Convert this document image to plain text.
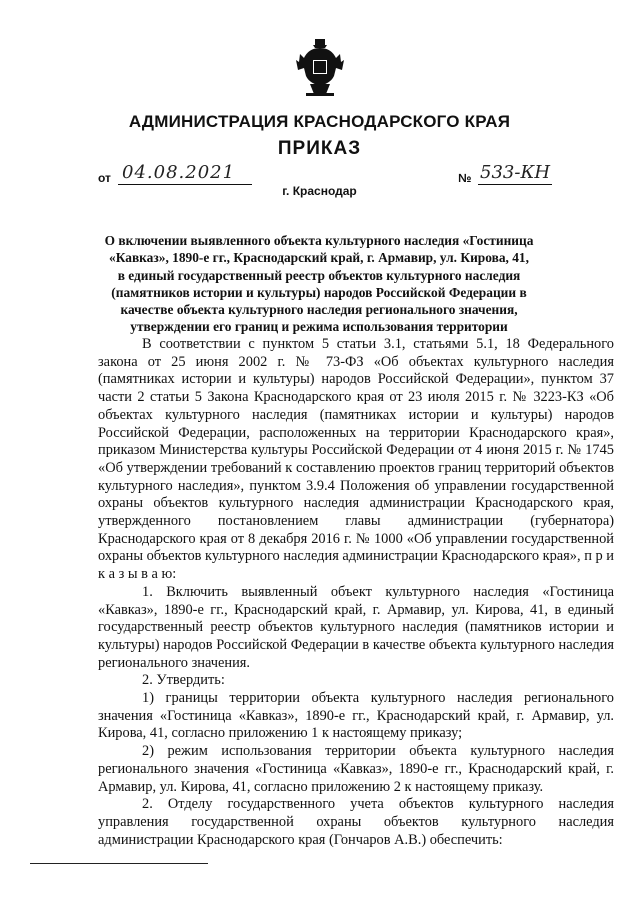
АДМИНИСТРАЦИЯ КРАСНОДАРСКОГО КРАЯ
ПРИКАЗ
от 04.08.2021
г. Краснодар
№ 533-КН
О включении выявленного объекта культурного наследия «Гостиница «Кавказ», 1890-е гг., Краснодарский край, г. Армавир, ул. Кирова, 41, в единый государственный реестр объектов культурного наследия (памятников истории и культуры) народов Российской Федерации в качестве объекта культурного наследия регионального значения, утверждении его границ и режима использования территории

В соответствии с пунктом 5 статьи 3.1, статьями 5.1, 18 Федерального закона от 25 июня 2002 г. № 73-ФЗ «Об объектах культурного наследия (памятниках истории и культуры) народов Российской Федерации», пунктом 37 части 2 статьи 5 Закона Краснодарского края от 23 июля 2015 г. № 3223-КЗ «Об объектах культурного наследия (памятниках истории и культуры) народов Российской Федерации, расположенных на территории Краснодарского края», приказом Министерства культуры Российской Федерации от 4 июня 2015 г. № 1745 «Об утверждении требований к составлению проектов границ территорий объектов культурного наследия», пунктом 3.9.4 Положения об управлении государственной охраны объектов культурного наследия администрации Краснодарского края, утвержденного постановлением главы администрации (губернатора) Краснодарского края от 8 декабря 2016 г. № 1000 «Об управлении государственной охраны объектов культурного наследия администрации Краснодарского края», п р и к а з ы в а ю:

1. Включить выявленный объект культурного наследия «Гостиница «Кавказ», 1890-е гг., Краснодарский край, г. Армавир, ул. Кирова, 41, в единый государственный реестр объектов культурного наследия (памятников истории и культуры) народов Российской Федерации в качестве объекта культурного наследия регионального значения.

2. Утвердить:

1) границы территории объекта культурного наследия регионального значения «Гостиница «Кавказ», 1890-е гг., Краснодарский край, г. Армавир, ул. Кирова, 41, согласно приложению 1 к настоящему приказу;

2) режим использования территории объекта культурного наследия регионального значения «Гостиница «Кавказ», 1890-е гг., Краснодарский край, г. Армавир, ул. Кирова, 41, согласно приложению 2 к настоящему приказу.

2. Отделу государственного учета объектов культурного наследия управления государственной охраны объектов культурного наследия администрации Краснодарского края (Гончаров А.В.) обеспечить:
